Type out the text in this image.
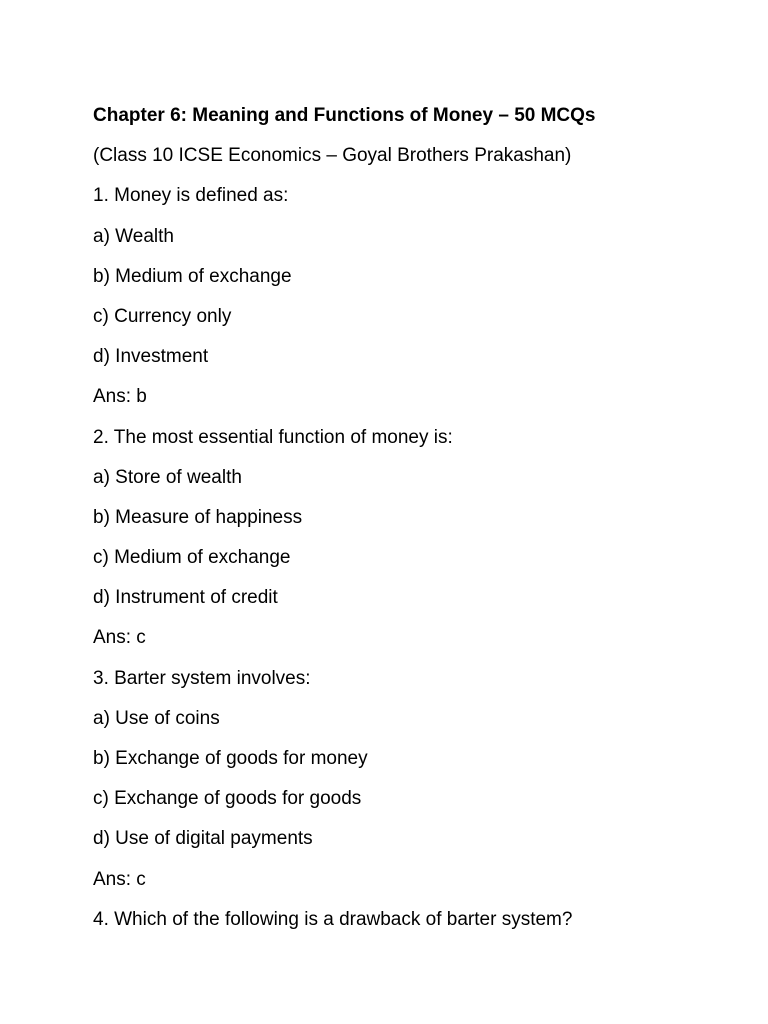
Chapter 6: Meaning and Functions of Money – 50 MCQs
(Class 10 ICSE Economics – Goyal Brothers Prakashan)
1. Money is defined as:
a) Wealth
b) Medium of exchange
c) Currency only
d) Investment
Ans: b
2. The most essential function of money is:
a) Store of wealth
b) Measure of happiness
c) Medium of exchange
d) Instrument of credit
Ans: c
3. Barter system involves:
a) Use of coins
b) Exchange of goods for money
c) Exchange of goods for goods
d) Use of digital payments
Ans: c
4. Which of the following is a drawback of barter system?
